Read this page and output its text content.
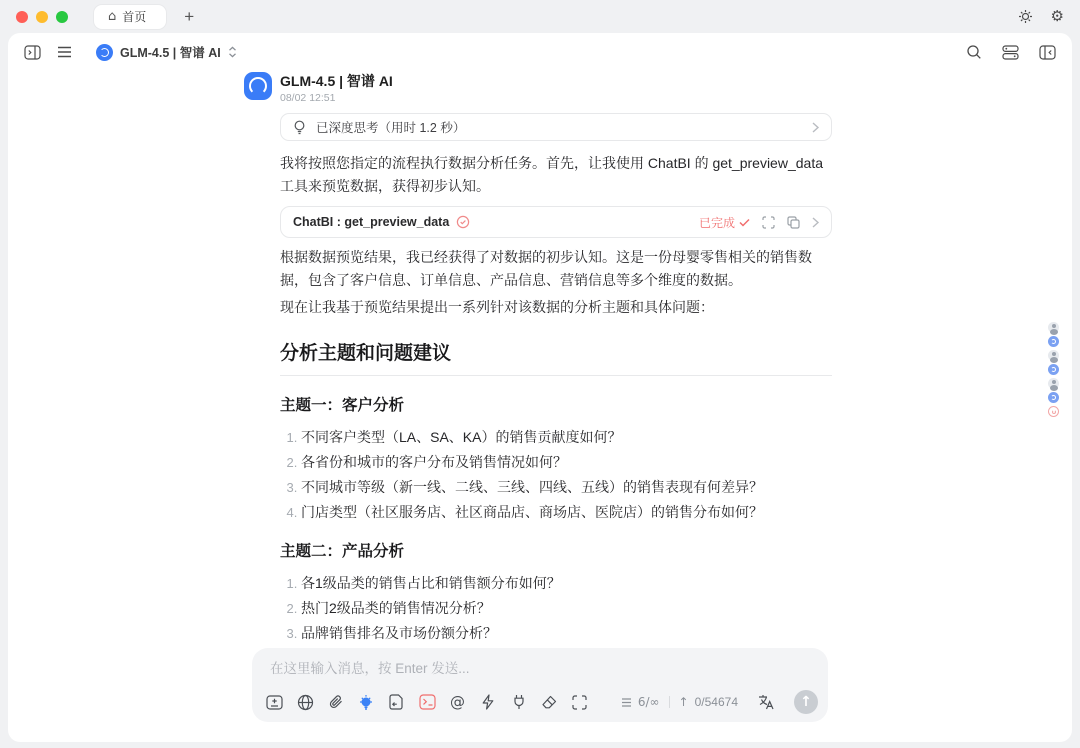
⌂ 首页 +	⚙
GLM-4.5 | 智谱 AI
GLM-4.5 | 智谱 AI
08/02 12:51
已深度思考（用时 1.2 秒）

我将按照您指定的流程执行数据分析任务。首先，让我使用 ChatBI 的 get_preview_data 工具来预览数据，获得初步认知。

ChatBI : get_preview_data	已完成

根据数据预览结果，我已经获得了对数据的初步认知。这是一份母婴零售相关的销售数据，包含了客户信息、订单信息、产品信息、营销信息等多个维度的数据。

现在让我基于预览结果提出一系列针对该数据的分析主题和具体问题：

分析主题和问题建议
主题一：客户分析
1. 不同客户类型（LA、SA、KA）的销售贡献度如何？
2. 各省份和城市的客户分布及销售情况如何？
3. 不同城市等级（新一线、二线、三线、四线、五线）的销售表现有何差异？
4. 门店类型（社区服务店、社区商品店、商场店、医院店）的销售分布如何？
主题二：产品分析
1. 各1级品类的销售占比和销售额分布如何？
2. 热门2级品类的销售情况分析？
3. 品牌销售排名及市场份额分析？
4.
在这里输入消息，按 Enter 发送...
@	6/∞ ↑ 0/54674	↑
